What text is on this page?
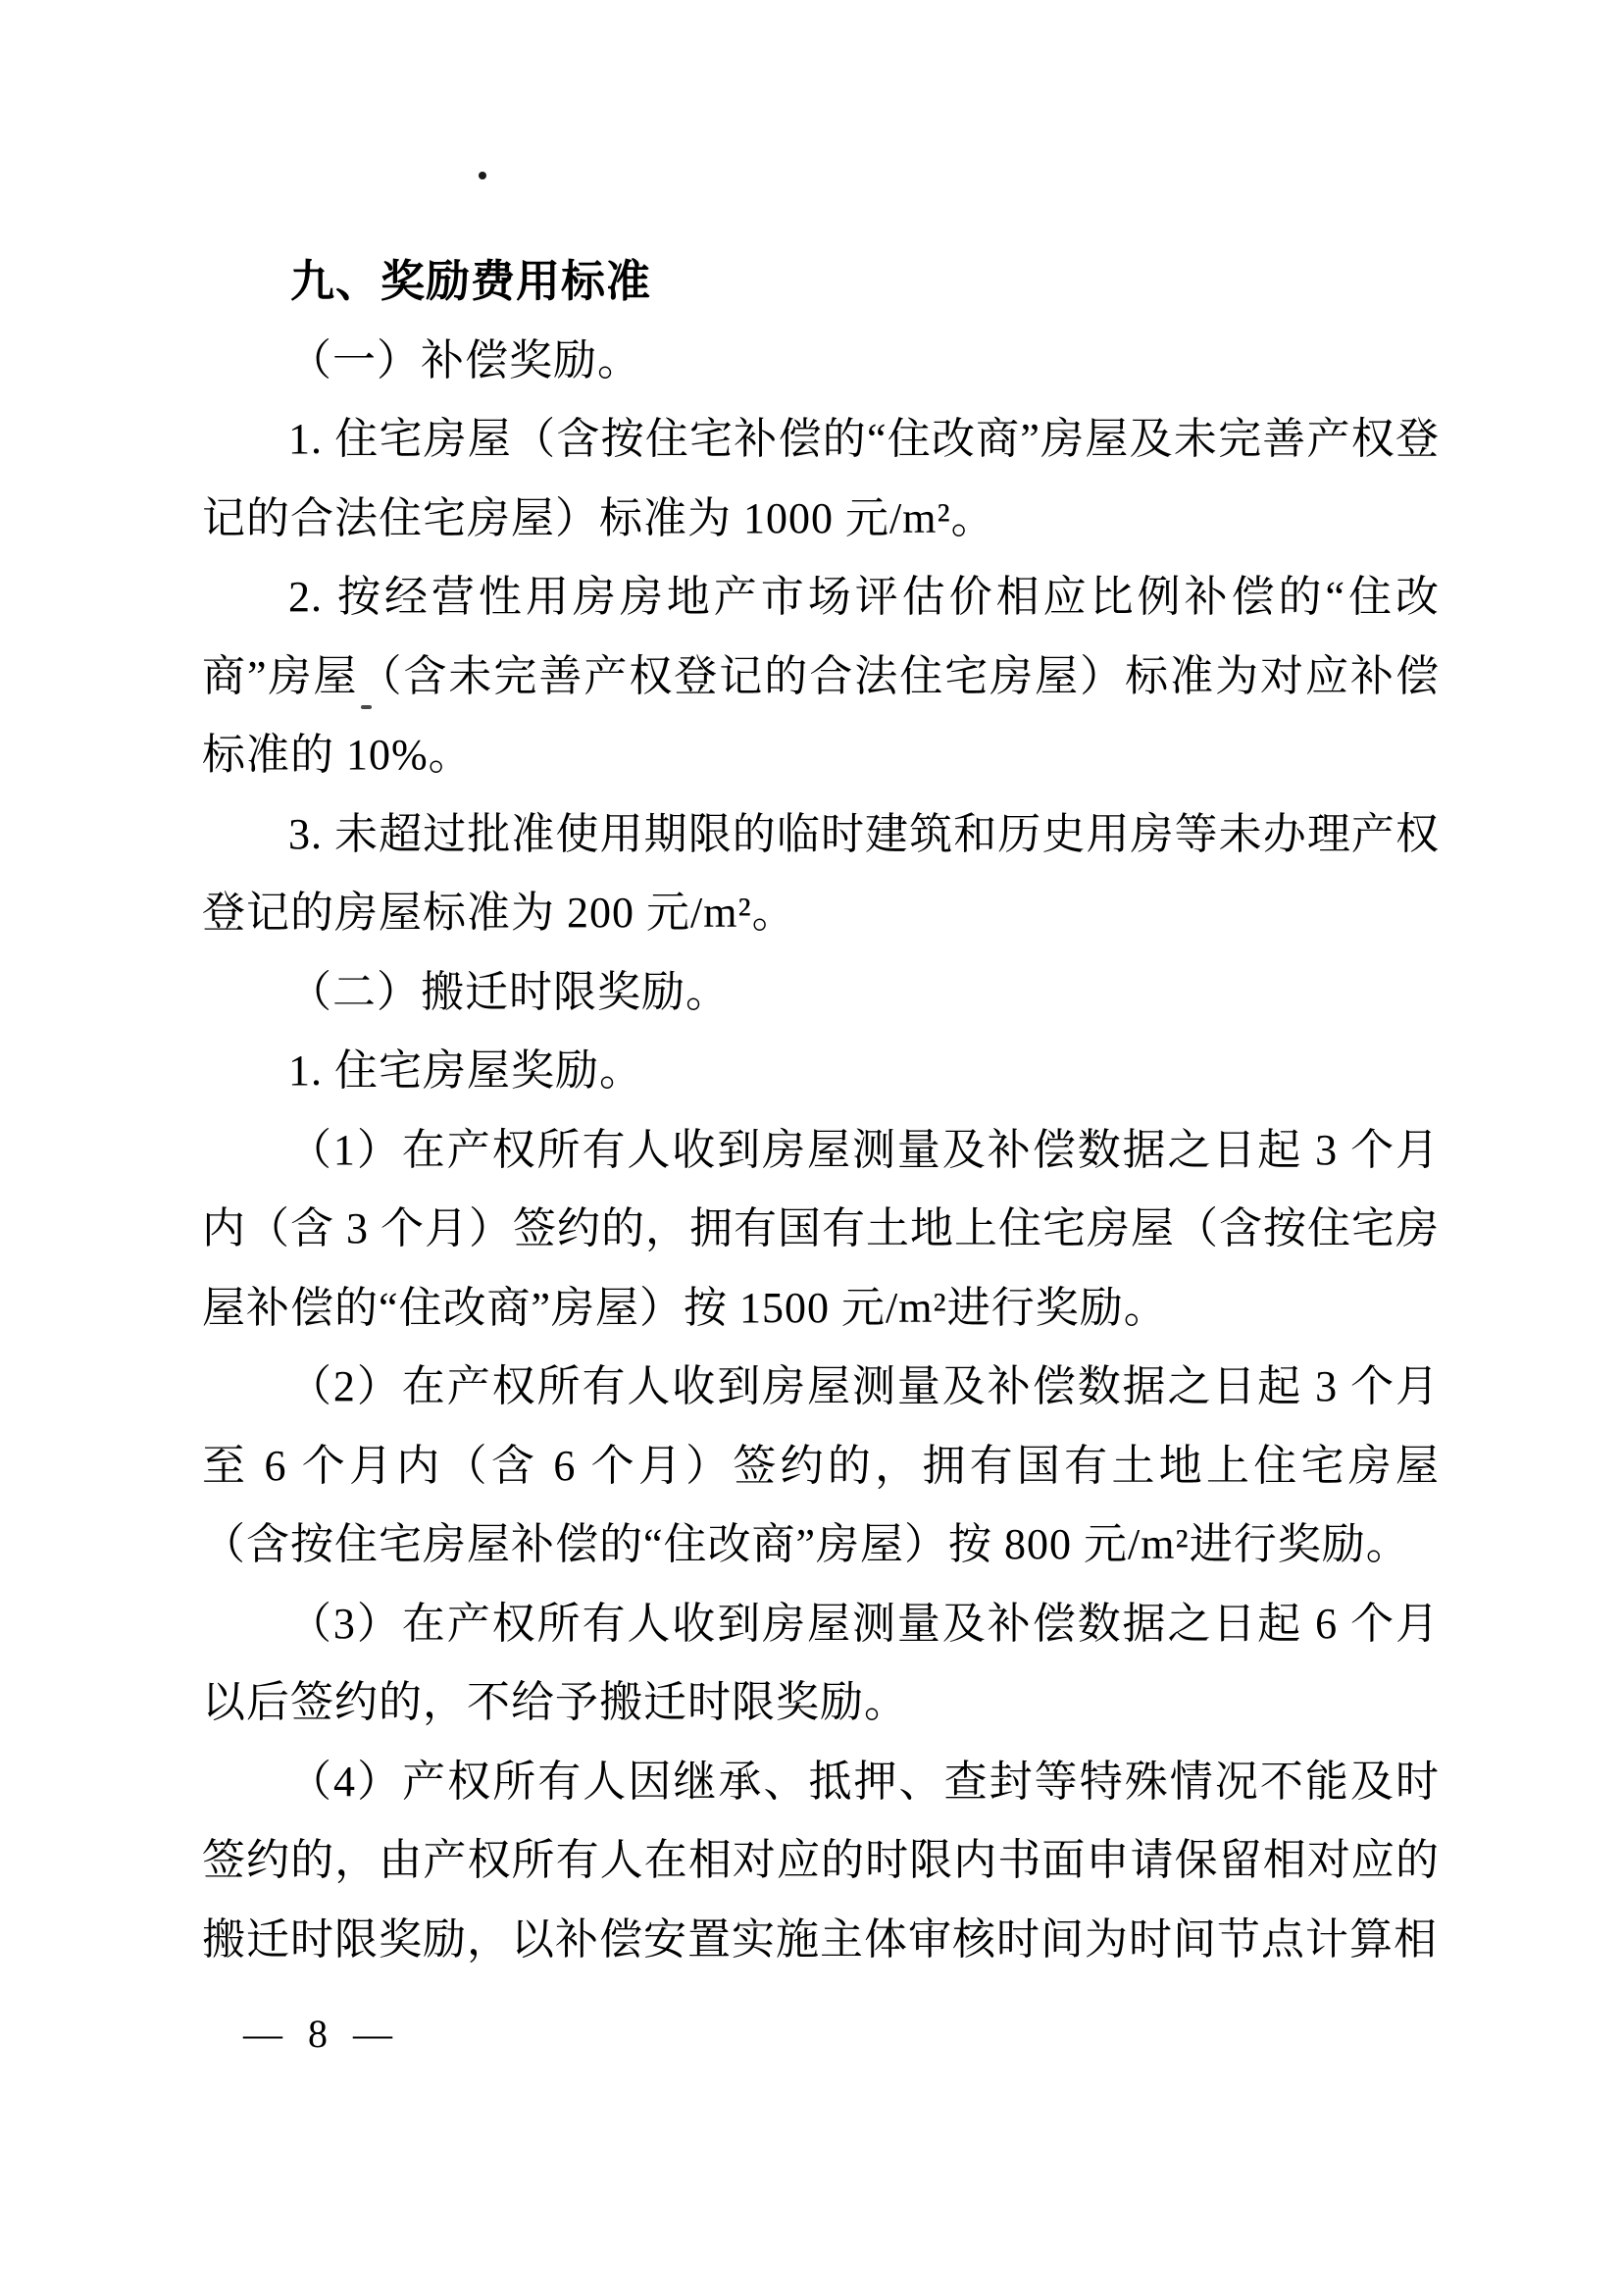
九、奖励费用标准

（一）补偿奖励。

1. 住宅房屋（含按住宅补偿的“住改商”房屋及未完善产权登记的合法住宅房屋）标准为 1000 元/m²。

2. 按经营性用房房地产市场评估价相应比例补偿的“住改商”房屋（含未完善产权登记的合法住宅房屋）标准为对应补偿标准的 10%。

3. 未超过批准使用期限的临时建筑和历史用房等未办理产权登记的房屋标准为 200 元/m²。

（二）搬迁时限奖励。

1. 住宅房屋奖励。

（1）在产权所有人收到房屋测量及补偿数据之日起 3 个月内（含 3 个月）签约的，拥有国有土地上住宅房屋（含按住宅房屋补偿的“住改商”房屋）按 1500 元/m²进行奖励。

（2）在产权所有人收到房屋测量及补偿数据之日起 3 个月至 6 个月内（含 6 个月）签约的，拥有国有土地上住宅房屋（含按住宅房屋补偿的“住改商”房屋）按 800 元/m²进行奖励。

（3）在产权所有人收到房屋测量及补偿数据之日起 6 个月以后签约的，不给予搬迁时限奖励。

（4）产权所有人因继承、抵押、查封等特殊情况不能及时签约的，由产权所有人在相对应的时限内书面申请保留相对应的搬迁时限奖励，以补偿安置实施主体审核时间为时间节点计算相

— 8 —
